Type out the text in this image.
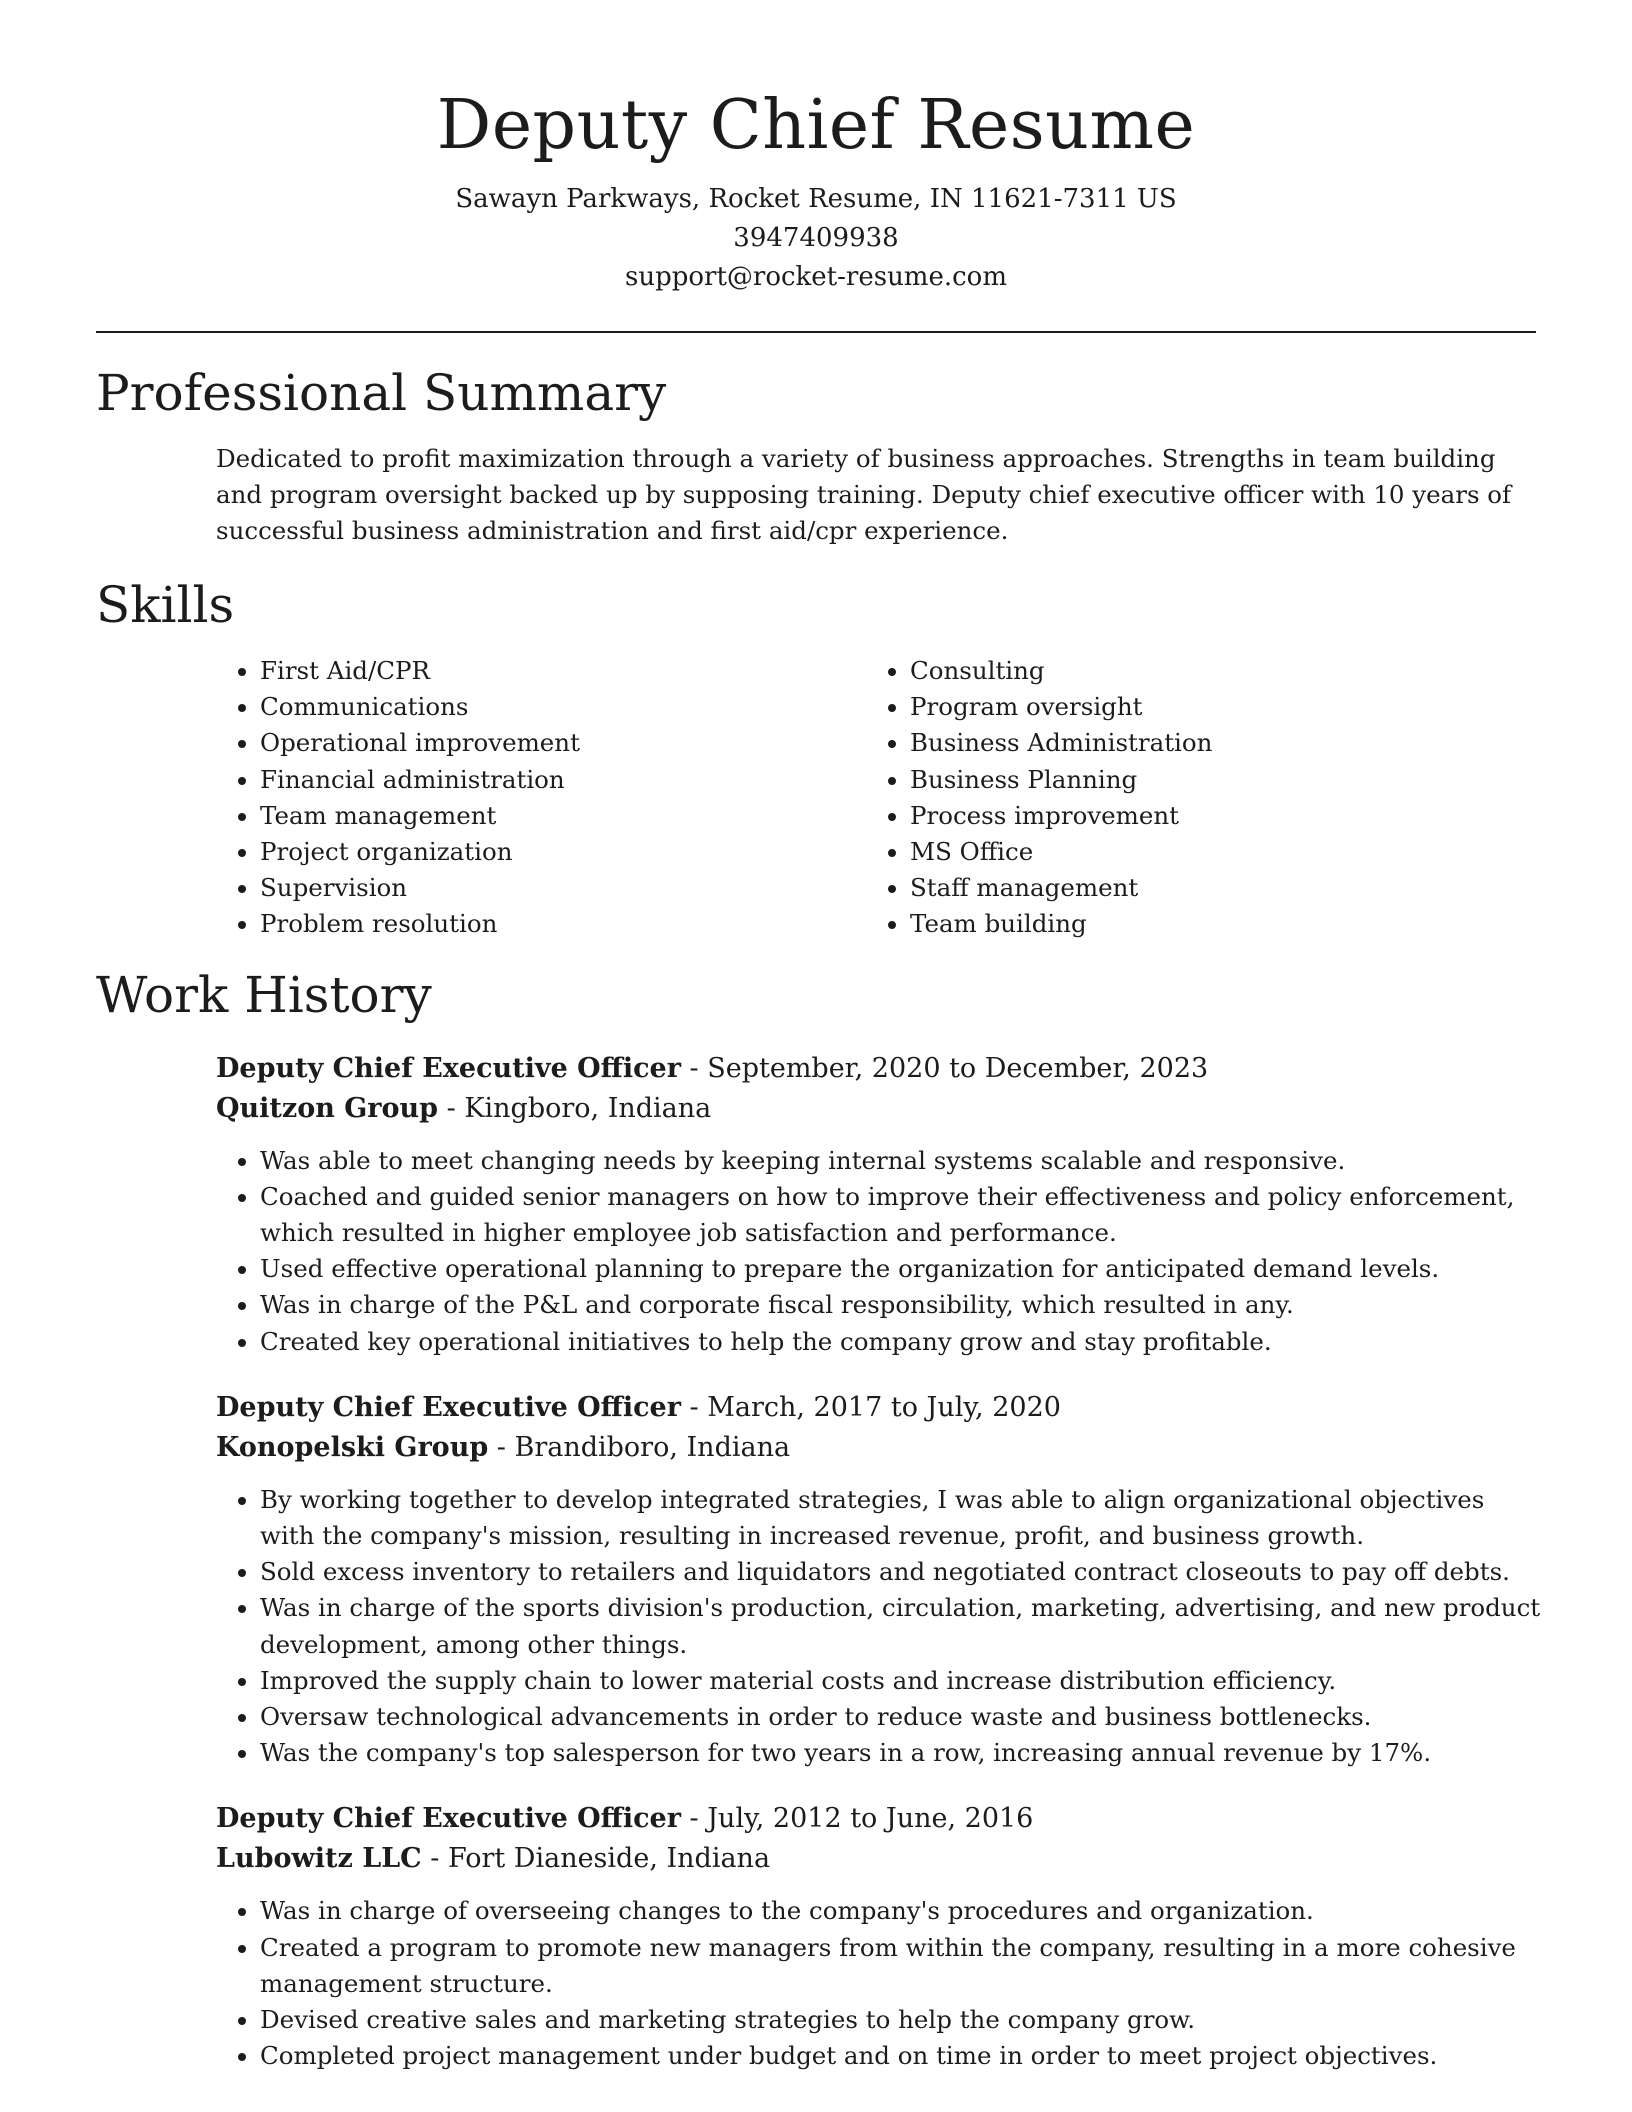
Deputy Chief Resume

Sawayn Parkways, Rocket Resume, IN 11621-7311 US

3947409938

support@rocket-resume.com

Professional Summary

Dedicated to profit maximization through a variety of business approaches. Strengths in team building and program oversight backed up by supposing training. Deputy chief executive officer with 10 years of successful business administration and first aid/cpr experience.

Skills
• First Aid/CPR
• Communications
• Operational improvement
• Financial administration
• Team management
• Project organization
• Supervision
• Problem resolution
• Consulting
• Program oversight
• Business Administration
• Business Planning
• Process improvement
• MS Office
• Staff management
• Team building
Work History

Deputy Chief Executive Officer - September, 2020 to December, 2023

Quitzon Group - Kingboro, Indiana

• Was able to meet changing needs by keeping internal systems scalable and responsive.
• Coached and guided senior managers on how to improve their effectiveness and policy enforcement, which resulted in higher employee job satisfaction and performance.
• Used effective operational planning to prepare the organization for anticipated demand levels.
• Was in charge of the P&L and corporate fiscal responsibility, which resulted in any.
• Created key operational initiatives to help the company grow and stay profitable.

Deputy Chief Executive Officer - March, 2017 to July, 2020

Konopelski Group - Brandiboro, Indiana

• By working together to develop integrated strategies, I was able to align organizational objectives with the company's mission, resulting in increased revenue, profit, and business growth.
• Sold excess inventory to retailers and liquidators and negotiated contract closeouts to pay off debts.
• Was in charge of the sports division's production, circulation, marketing, advertising, and new product development, among other things.
• Improved the supply chain to lower material costs and increase distribution efficiency.
• Oversaw technological advancements in order to reduce waste and business bottlenecks.
• Was the company's top salesperson for two years in a row, increasing annual revenue by 17%.

Deputy Chief Executive Officer - July, 2012 to June, 2016

Lubowitz LLC - Fort Dianeside, Indiana

• Was in charge of overseeing changes to the company's procedures and organization.
• Created a program to promote new managers from within the company, resulting in a more cohesive management structure.
• Devised creative sales and marketing strategies to help the company grow.
• Completed project management under budget and on time in order to meet project objectives.
